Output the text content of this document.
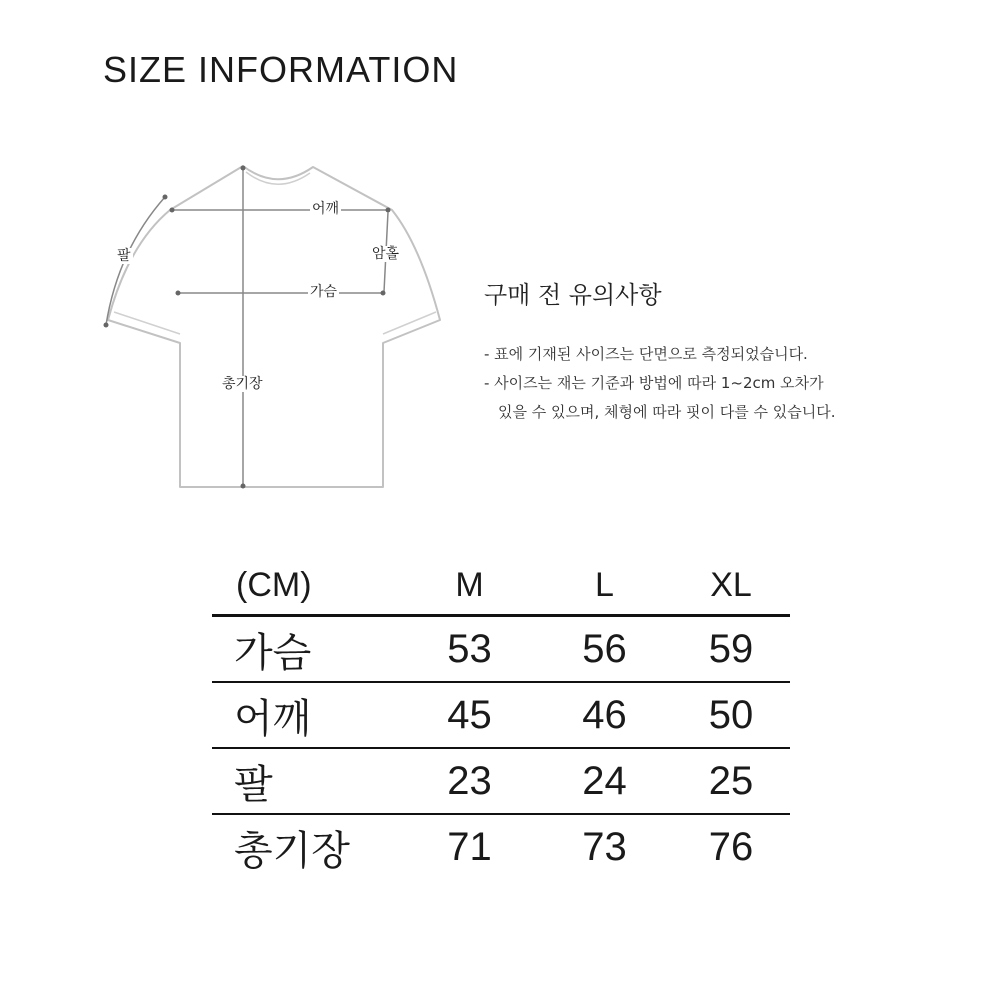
SIZE INFORMATION
어깨
암홀
팔
가슴
총기장
구매 전 유의사항
- 표에 기재된 사이즈는 단면으로 측정되었습니다.
- 사이즈는 재는 기준과 방법에 따라 1~2cm 오차가
있을 수 있으며, 체형에 따라 핏이 다를 수 있습니다.
(CM)	M	L	XL
가슴	53	56	59
어깨	45	46	50
팔	23	24	25
총기장	71	73	76
